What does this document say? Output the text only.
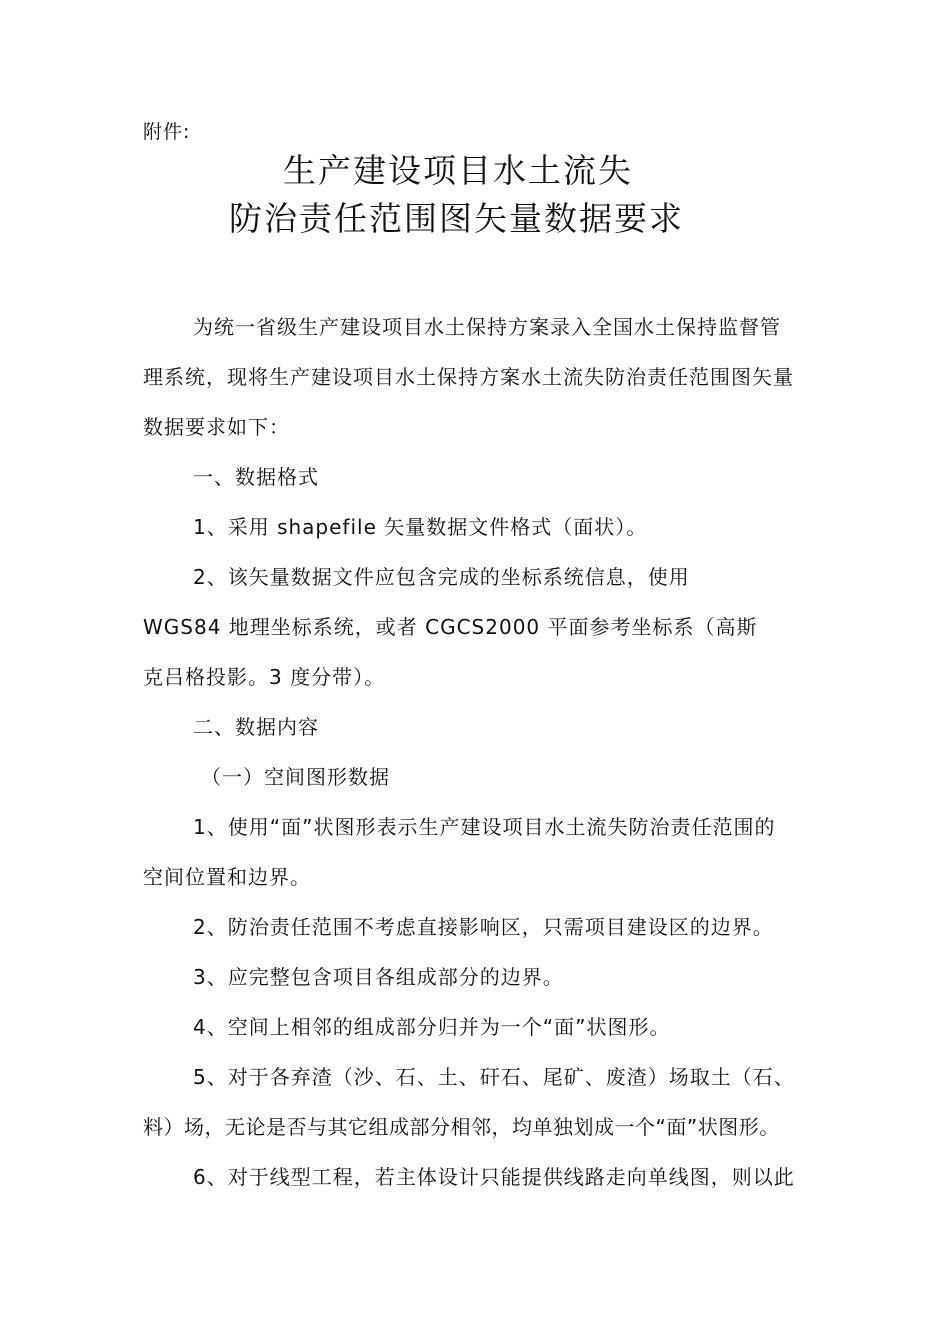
附件:
生产建设项目水土流失
防治责任范围图矢量数据要求
为统一省级生产建设项目水土保持方案录入全国水土保持监督管
理系统，现将生产建设项目水土保持方案水土流失防治责任范围图矢量
数据要求如下：
一、数据格式
1、采用 shapefile 矢量数据文件格式（面状）。
2、该矢量数据文件应包含完成的坐标系统信息，使用
WGS84 地理坐标系统，或者 CGCS2000 平面参考坐标系（高斯
克吕格投影。3 度分带）。
二、数据内容
（一）空间图形数据
1、使用“面”状图形表示生产建设项目水土流失防治责任范围的
空间位置和边界。
2、防治责任范围不考虑直接影响区，只需项目建设区的边界。
3、应完整包含项目各组成部分的边界。
4、空间上相邻的组成部分归并为一个“面”状图形。
5、对于各弃渣（沙、石、土、矸石、尾矿、废渣）场取土（石、
料）场，无论是否与其它组成部分相邻，均单独划成一个“面”状图形。
6、对于线型工程，若主体设计只能提供线路走向单线图，则以此
